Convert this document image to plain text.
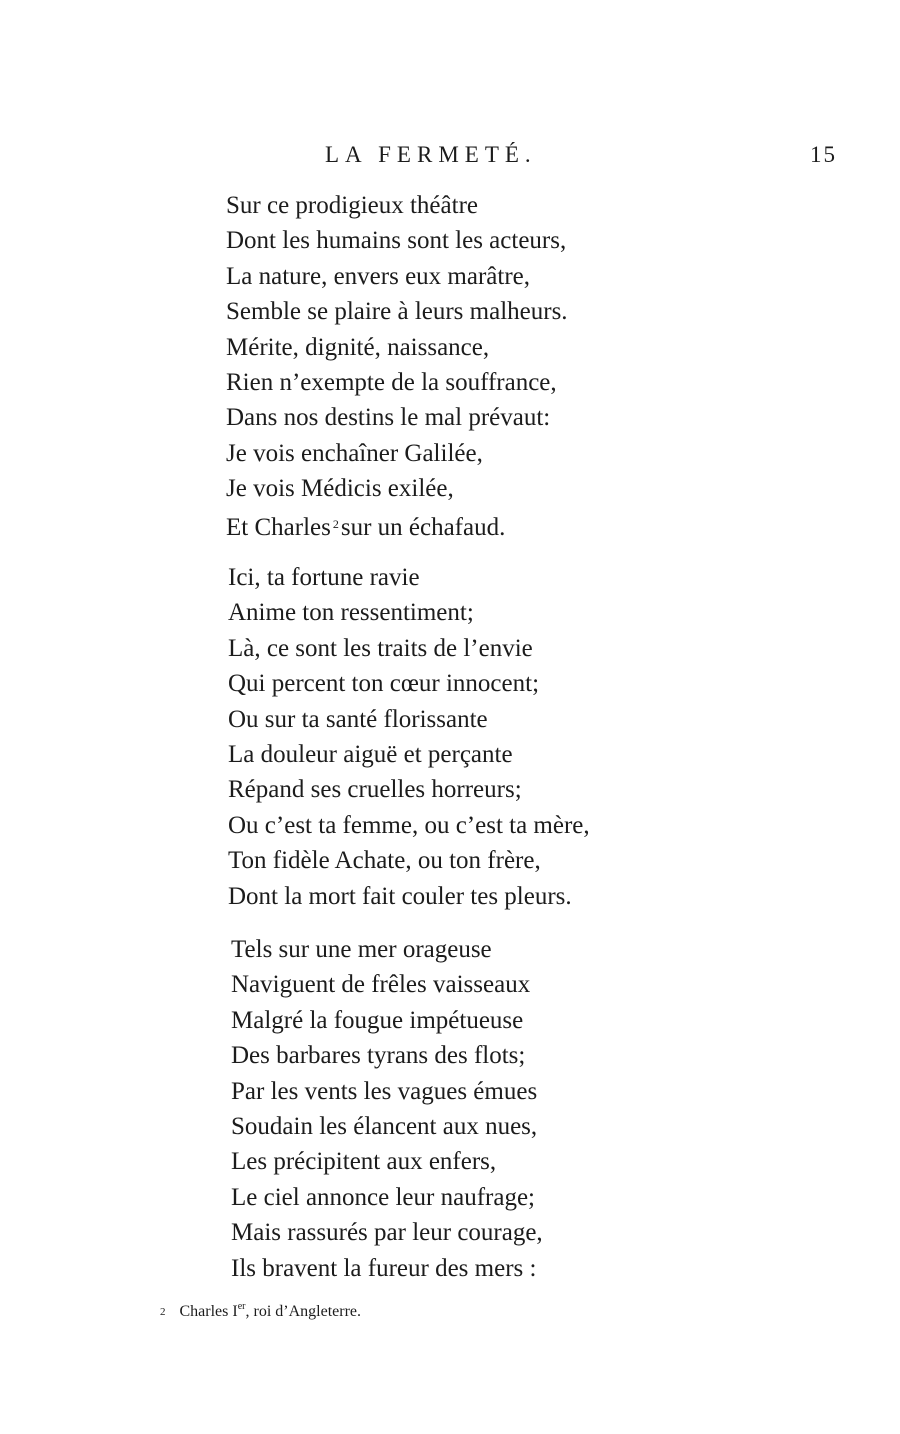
LA FERMETÉ.	15
Sur ce prodigieux théâtre
Dont les humains sont les acteurs,
La nature, envers eux marâtre,
Semble se plaire à leurs malheurs.
Mérite, dignité, naissance,
Rien n’exempte de la souffrance,
Dans nos destins le mal prévaut:
Je vois enchaîner Galilée,
Je vois Médicis exilée,
Et Charles $^2$sur un échafaud.
Ici, ta fortune ravie
Anime ton ressentiment;
Là, ce sont les traits de l’envie
Qui percent ton cœur innocent;
Ou sur ta santé florissante
La douleur aiguë et perçante
Répand ses cruelles horreurs;
Ou c’est ta femme, ou c’est ta mère,
Ton fidèle Achate, ou ton frère,
Dont la mort fait couler tes pleurs.
Tels sur une mer orageuse
Naviguent de frêles vaisseaux
Malgré la fougue impétueuse
Des barbares tyrans des flots;
Par les vents les vagues émues
Soudain les élancent aux nues,
Les précipitent aux enfers,
Le ciel annonce leur naufrage;
Mais rassurés par leur courage,
Ils bravent la fureur des mers :
2 Charles Ier, roi d’Angleterre.
